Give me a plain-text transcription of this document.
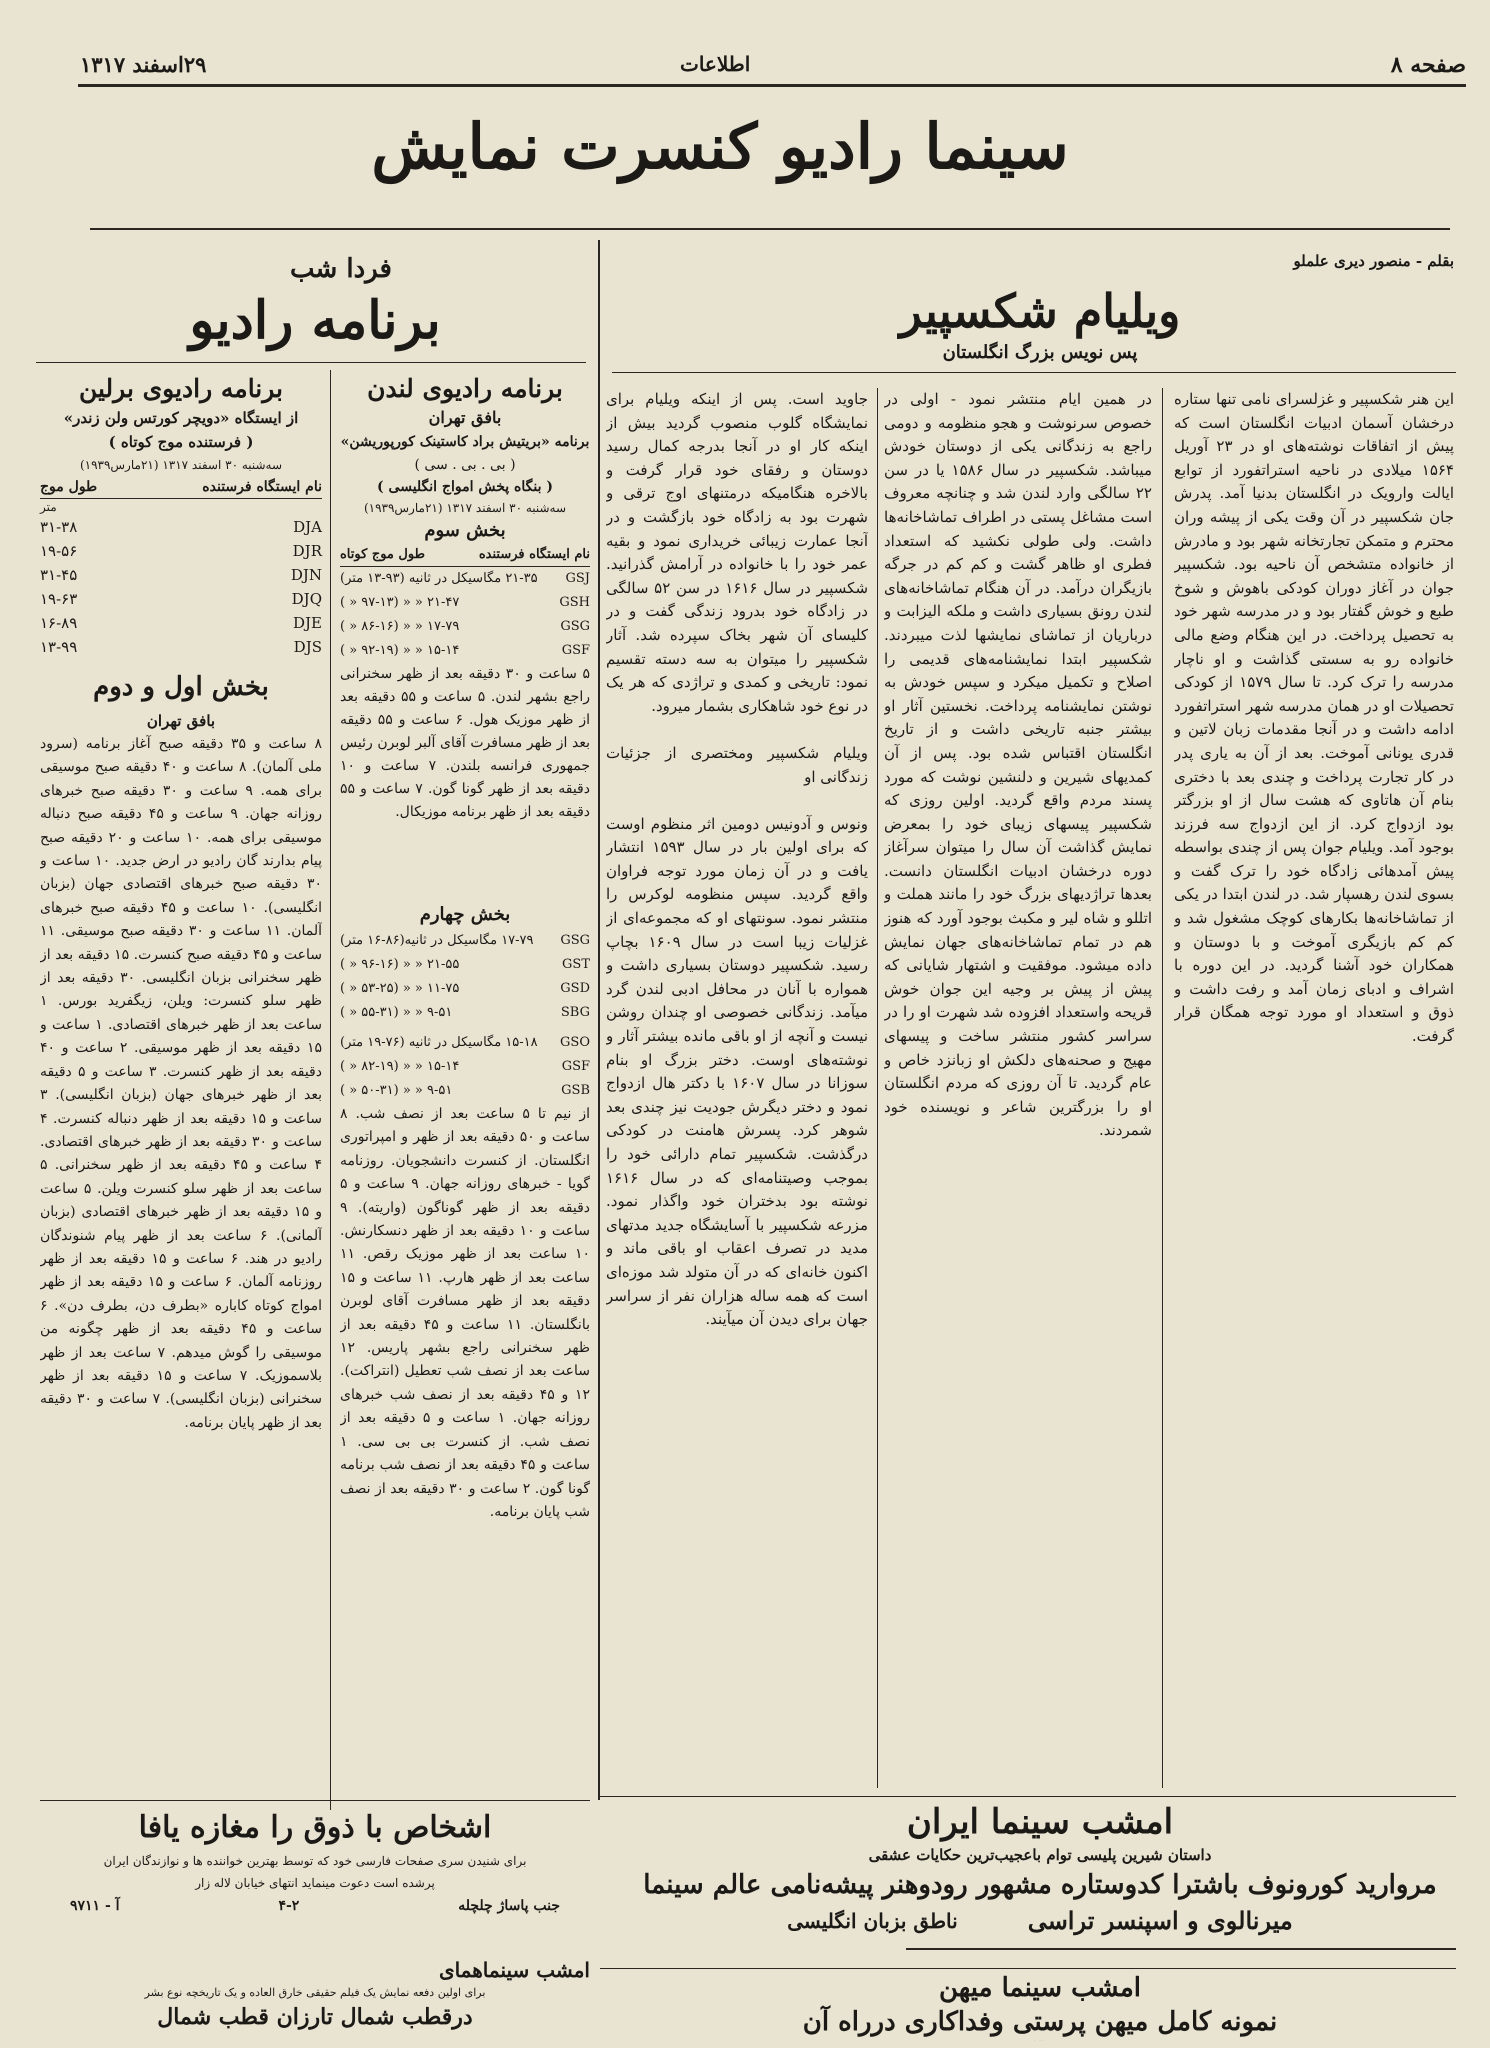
صفحه ۸
اطلاعات
۲۹اسفند ۱۳۱۷
سینما رادیو کنسرت نمایش
بقلم - منصور دیری علملو
ویلیام شکسپیر
پس نویس بزرگ انگلستان
این هنر شکسپیر و غزلسرای نامی تنها ستاره درخشان آسمان ادبیات انگلستان است که پیش از اتفاقات نوشته‌های او در ۲۳ آوریل ۱۵۶۴ میلادی در ناحیه استراتفورد از توابع ایالت وارویک در انگلستان بدنیا آمد. پدرش جان شکسپیر در آن وقت یکی از پیشه وران محترم و متمکن تجارتخانه شهر بود و مادرش از خانواده متشخص آن ناحیه بود. شکسپیر جوان در آغاز دوران کودکی باهوش و شوخ طبع و خوش گفتار بود و در مدرسه شهر خود به تحصیل پرداخت. در این هنگام وضع مالی خانواده رو به سستی گذاشت و او ناچار مدرسه را ترک کرد. تا سال ۱۵۷۹ از کودکی تحصیلات او در همان مدرسه شهر استراتفورد ادامه داشت و در آنجا مقدمات زبان لاتین و قدری یونانی آموخت. بعد از آن به یاری پدر در کار تجارت پرداخت و چندی بعد با دختری بنام آن هاتاوی که هشت سال از او بزرگتر بود ازدواج کرد. از این ازدواج سه فرزند بوجود آمد. ویلیام جوان پس از چندی بواسطه پیش آمدهائی زادگاه خود را ترک گفت و بسوی لندن رهسپار شد. در لندن ابتدا در یکی از تماشاخانه‌ها بکارهای کوچک مشغول شد و کم کم بازیگری آموخت و با دوستان و همکاران خود آشنا گردید. در این دوره با اشراف و ادبای زمان آمد و رفت داشت و ذوق و استعداد او مورد توجه همگان قرار گرفت.
در همین ایام منتشر نمود - اولی در خصوص سرنوشت و هجو منظومه و دومی راجع به زندگانی یکی از دوستان خودش میباشد. شکسپیر در سال ۱۵۸۶ یا در سن ۲۲ سالگی وارد لندن شد و چنانچه معروف است مشاغل پستی در اطراف تماشاخانه‌ها داشت. ولی طولی نکشید که استعداد فطری او ظاهر گشت و کم کم در جرگه بازیگران درآمد. در آن هنگام تماشاخانه‌های لندن رونق بسیاری داشت و ملکه الیزابت و درباریان از تماشای نمایشها لذت میبردند. شکسپیر ابتدا نمایشنامه‌های قدیمی را اصلاح و تکمیل میکرد و سپس خودش به نوشتن نمایشنامه پرداخت. نخستین آثار او بیشتر جنبه تاریخی داشت و از تاریخ انگلستان اقتباس شده بود. پس از آن کمدیهای شیرین و دلنشین نوشت که مورد پسند مردم واقع گردید. اولین روزی که شکسپیر پیسهای زیبای خود را بمعرض نمایش گذاشت آن سال را میتوان سرآغاز دوره درخشان ادبیات انگلستان دانست. بعدها تراژدیهای بزرگ خود را مانند هملت و اتللو و شاه لیر و مکبث بوجود آورد که هنوز هم در تمام تماشاخانه‌های جهان نمایش داده میشود. موفقیت و اشتهار شایانی که پیش از پیش بر وجیه این جوان خوش قریحه واستعداد افزوده شد شهرت او را در سراسر کشور منتشر ساخت و پیسهای مهیج و صحنه‌های دلکش او زبانزد خاص و عام گردید. تا آن روزی که مردم انگلستان او را بزرگترین شاعر و نویسنده خود شمردند.
جاوید است. پس از اینکه ویلیام برای نمایشگاه گلوب منصوب گردید بیش از اینکه کار او در آنجا بدرجه کمال رسید دوستان و رفقای خود قرار گرفت و بالاخره هنگامیکه درمتنهای اوج ترقی و شهرت بود به زادگاه خود بازگشت و در آنجا عمارت زیبائی خریداری نمود و بقیه عمر خود را با خانواده در آرامش گذرانید. شکسپیر در سال ۱۶۱۶ در سن ۵۲ سالگی در زادگاه خود بدرود زندگی گفت و در کلیسای آن شهر بخاک سپرده شد. آثار شکسپیر را میتوان به سه دسته تقسیم نمود: تاریخی و کمدی و تراژدی که هر یک در نوع خود شاهکاری بشمار میرود.

ویلیام شکسپیر ومختصری از جزئیات زندگانی او

ونوس و آدونیس دومین اثر منظوم اوست که برای اولین بار در سال ۱۵۹۳ انتشار یافت و در آن زمان مورد توجه فراوان واقع گردید. سپس منظومه لوکرس را منتشر نمود. سونتهای او که مجموعه‌ای از غزلیات زیبا است در سال ۱۶۰۹ بچاپ رسید. شکسپیر دوستان بسیاری داشت و همواره با آنان در محافل ادبی لندن گرد میآمد. زندگانی خصوصی او چندان روشن نیست و آنچه از او باقی مانده بیشتر آثار و نوشته‌های اوست. دختر بزرگ او بنام سوزانا در سال ۱۶۰۷ با دکتر هال ازدواج نمود و دختر دیگرش جودیت نیز چندی بعد شوهر کرد. پسرش هامنت در کودکی درگذشت. شکسپیر تمام دارائی خود را بموجب وصیتنامه‌ای که در سال ۱۶۱۶ نوشته بود بدختران خود واگذار نمود. مزرعه شکسپیر با آسایشگاه جدید مدتهای مدید در تصرف اعقاب او باقی ماند و اکنون خانه‌ای که در آن متولد شد موزه‌ای است که همه ساله هزاران نفر از سراسر جهان برای دیدن آن میآیند.
فردا شب
برنامه رادیو
برنامه رادیوی لندن
بافق تهران
برنامه «بریتیش براد کاستینک کورپوریشن»
( بی . بی . سی )
( بنگاه پخش امواج انگلیسی )
سه‌شنبه ۳۰ اسفند ۱۳۱۷ (۲۱مارس۱۹۳۹)
بخش سوم
نام ایستگاه فرستنده
طول موج کوتاه
GSJ
۲۱-۳۵ مگاسیکل در ثانیه (۹۳-۱۳ متر)
GSH
۲۱-۴۷ « « (۹۷-۱۳ « )
GSG
۱۷-۷۹ « « (۸۶-۱۶ « )
GSF
۱۵-۱۴ « « (۹۲-۱۹ « )
۵ ساعت و ۳۰ دقیقه بعد از ظهر سخنرانی راجع بشهر لندن. ۵ ساعت و ۵۵ دقیقه بعد از ظهر موزیک هول. ۶ ساعت و ۵۵ دقیقه بعد از ظهر مسافرت آقای آلبر لوبرن رئیس جمهوری فرانسه بلندن. ۷ ساعت و ۱۰ دقیقه بعد از ظهر گونا گون. ۷ ساعت و ۵۵ دقیقه بعد از ظهر برنامه موزیکال.
بخش چهارم
GSG
۱۷-۷۹ مگاسیکل در ثانیه(۸۶-۱۶ متر)
GST
۲۱-۵۵ « « (۹۶-۱۶ « )
GSD
۱۱-۷۵ « « (۵۳-۲۵ « )
SBG
۹-۵۱ « « (۵۵-۳۱ « )
GSO
۱۵-۱۸ مگاسیکل در ثانیه (۷۶-۱۹ متر)
GSF
۱۵-۱۴ « « (۸۲-۱۹ « )
GSB
۹-۵۱ « « (۵۰-۳۱ « )
از نیم تا ۵ ساعت بعد از نصف شب. ۸ ساعت و ۵۰ دقیقه بعد از ظهر و امپراتوری انگلستان. از کنسرت دانشجویان. روزنامه گویا - خبرهای روزانه جهان. ۹ ساعت و ۵ دقیقه بعد از ظهر گوناگون (واریته). ۹ ساعت و ۱۰ دقیقه بعد از ظهر دنسکارنش. ۱۰ ساعت بعد از ظهر موزیک رقص. ۱۱ ساعت بعد از ظهر هارپ. ۱۱ ساعت و ۱۵ دقیقه بعد از ظهر مسافرت آقای لوبرن بانگلستان. ۱۱ ساعت و ۴۵ دقیقه بعد از ظهر سخنرانی راجع بشهر پاریس. ۱۲ ساعت بعد از نصف شب تعطیل (انتراکت). ۱۲ و ۴۵ دقیقه بعد از نصف شب خبرهای روزانه جهان. ۱ ساعت و ۵ دقیقه بعد از نصف شب. از کنسرت بی بی سی. ۱ ساعت و ۴۵ دقیقه بعد از نصف شب برنامه گونا گون. ۲ ساعت و ۳۰ دقیقه بعد از نصف شب پایان برنامه.
برنامه رادیوی برلین
از ایستگاه «دویچر کورتس ولن زندر»
( فرستنده موج کوتاه )
سه‌شنبه ۳۰ اسفند ۱۳۱۷ (۲۱مارس۱۹۳۹)
نام ایستگاه فرستنده
طول موج
متر
DJA
۳۱-۳۸
DJR
۱۹-۵۶
DJN
۳۱-۴۵
DJQ
۱۹-۶۳
DJE
۱۶-۸۹
DJS
۱۳-۹۹
بخش اول و دوم
بافق تهران
۸ ساعت و ۳۵ دقیقه صبح آغاز برنامه (سرود ملی آلمان). ۸ ساعت و ۴۰ دقیقه صبح موسیقی برای همه. ۹ ساعت و ۳۰ دقیقه صبح خبرهای روزانه جهان. ۹ ساعت و ۴۵ دقیقه صبح دنباله موسیقی برای همه. ۱۰ ساعت و ۲۰ دقیقه صبح پیام بدارند گان رادیو در ارض جدید. ۱۰ ساعت و ۳۰ دقیقه صبح خبرهای اقتصادی جهان (بزبان انگلیسی). ۱۰ ساعت و ۴۵ دقیقه صبح خبرهای آلمان. ۱۱ ساعت و ۳۰ دقیقه صبح موسیقی. ۱۱ ساعت و ۴۵ دقیقه صبح کنسرت. ۱۵ دقیقه بعد از ظهر سخنرانی بزبان انگلیسی. ۳۰ دقیقه بعد از ظهر سلو کنسرت: ویلن، زیگفرید بورس. ۱ ساعت بعد از ظهر خبرهای اقتصادی. ۱ ساعت و ۱۵ دقیقه بعد از ظهر موسیقی. ۲ ساعت و ۴۰ دقیقه بعد از ظهر کنسرت. ۳ ساعت و ۵ دقیقه بعد از ظهر خبرهای جهان (بزبان انگلیسی). ۳ ساعت و ۱۵ دقیقه بعد از ظهر دنباله کنسرت. ۴ ساعت و ۳۰ دقیقه بعد از ظهر خبرهای اقتصادی. ۴ ساعت و ۴۵ دقیقه بعد از ظهر سخنرانی. ۵ ساعت بعد از ظهر سلو کنسرت ویلن. ۵ ساعت و ۱۵ دقیقه بعد از ظهر خبرهای اقتصادی (بزبان آلمانی). ۶ ساعت بعد از ظهر پیام شنوندگان رادیو در هند. ۶ ساعت و ۱۵ دقیقه بعد از ظهر روزنامه آلمان. ۶ ساعت و ۱۵ دقیقه بعد از ظهر امواج کوتاه کاباره «بطرف دن، بطرف دن». ۶ ساعت و ۴۵ دقیقه بعد از ظهر چگونه من موسیقی را گوش میدهم. ۷ ساعت بعد از ظهر بلاسموزیک. ۷ ساعت و ۱۵ دقیقه بعد از ظهر سخنرانی (بزبان انگلیسی). ۷ ساعت و ۳۰ دقیقه بعد از ظهر پایان برنامه.
امشب سینما ایران
داستان شیرین پلیسی توام باعجیب‌ترین حکایات عشقی
مروارید کورونوف باشترا کدوستاره مشهور رودوهنر پیشه‌نامی عالم سینما
میرنالوی و اسپنسر تراسی
ناطق بزبان انگلیسی
امشب سینما میهن
نمونه کامل میهن پرستی وفداکاری درراه آن
اشخاص با ذوق را مغازه یافا
برای شنیدن سری صفحات فارسی خود که توسط بهترین خواننده ها و نوازندگان ایران
پرشده است دعوت مینماید انتهای خیابان لاله زار
جنب پاساژ چلچله
۴-۲
آ - ۹۷۱۱
امشب سینماهمای
برای اولین دفعه نمایش یک فیلم حقیقی خارق العاده و یک تاریخچه نوع بشر
درقطب شمال تارزان قطب شمال
جنگ اعراب وفرانسه - ایتو -
